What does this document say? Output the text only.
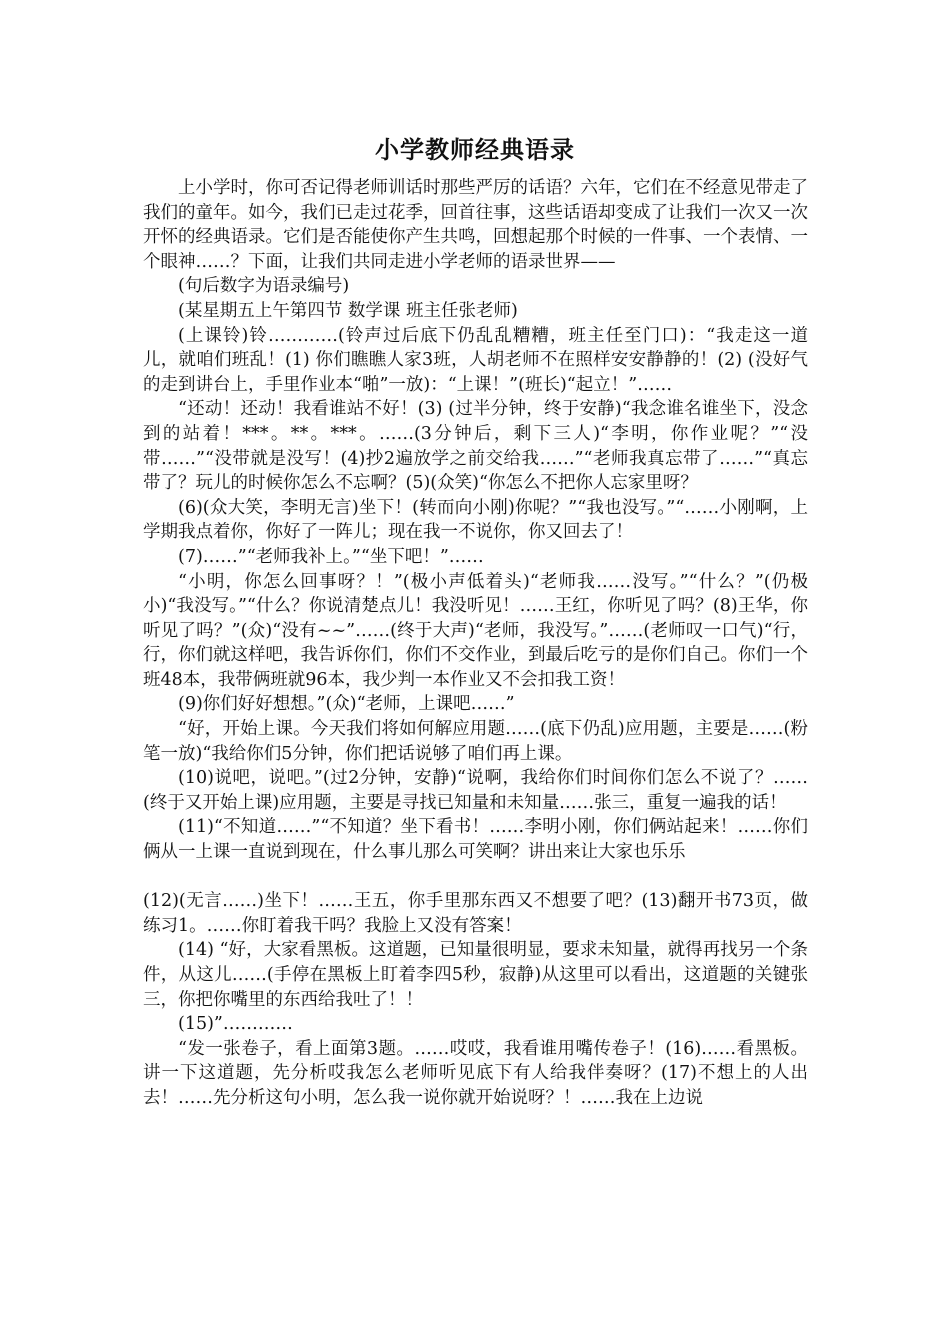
小学教师经典语录

上小学时，你可否记得老师训话时那些严厉的话语？六年，它们在不经意见带走了我们的童年。如今，我们已走过花季，回首往事，这些话语却变成了让我们一次又一次开怀的经典语录。它们是否能使你产生共鸣，回想起那个时候的一件事、一个表情、一个眼神……？下面，让我们共同走进小学老师的语录世界——

(句后数字为语录编号)

(某星期五上午第四节 数学课 班主任张老师)

(上课铃)铃…………(铃声过后底下仍乱乱糟糟，班主任至门口)：“我走这一道儿，就咱们班乱！(1) 你们瞧瞧人家3班，人胡老师不在照样安安静静的！(2) (没好气的走到讲台上，手里作业本“啪”一放)：“上课！”(班长)“起立！”……

“还动！还动！我看谁站不好！(3) (过半分钟，终于安静)“我念谁名谁坐下，没念到的站着！***。**。***。……(3分钟后，剩下三人)“李明，你作业呢？”“没带……”“没带就是没写！(4)抄2遍放学之前交给我……”“老师我真忘带了……”“真忘带了？玩儿的时候你怎么不忘啊？(5)(众笑)“你怎么不把你人忘家里呀？

(6)(众大笑，李明无言)坐下！(转而向小刚)你呢？”“我也没写。”“……小刚啊，上学期我点着你，你好了一阵儿；现在我一不说你，你又回去了！

(7)……”“老师我补上。”“坐下吧！”……

“小明，你怎么回事呀？！”(极小声低着头)“老师我……没写。”“什么？”(仍极小)“我没写。”“什么？你说清楚点儿！我没听见！……王红，你听见了吗？(8)王华，你听见了吗？”(众)“没有~~”……(终于大声)“老师，我没写。”……(老师叹一口气)“行，行，你们就这样吧，我告诉你们，你们不交作业，到最后吃亏的是你们自己。你们一个班48本，我带俩班就96本，我少判一本作业又不会扣我工资！

(9)你们好好想想。”(众)“老师，上课吧……”

“好，开始上课。今天我们将如何解应用题……(底下仍乱)应用题，主要是……(粉笔一放)“我给你们5分钟，你们把话说够了咱们再上课。

(10)说吧，说吧。”(过2分钟，安静)“说啊，我给你们时间你们怎么不说了？……(终于又开始上课)应用题，主要是寻找已知量和未知量……张三，重复一遍我的话！

(11)“不知道……”“不知道？坐下看书！……李明小刚，你们俩站起来！……你们俩从一上课一直说到现在，什么事儿那么可笑啊？讲出来让大家也乐乐

(12)(无言……)坐下！……王五，你手里那东西又不想要了吧？(13)翻开书73页，做练习1。……你盯着我干吗？我脸上又没有答案！

(14) “好，大家看黑板。这道题，已知量很明显，要求未知量，就得再找另一个条件，从这儿……(手停在黑板上盯着李四5秒，寂静)从这里可以看出，这道题的关键张三，你把你嘴里的东西给我吐了！！

(15)”…………

“发一张卷子，看上面第3题。……哎哎，我看谁用嘴传卷子！(16)……看黑板。讲一下这道题，先分析哎我怎么老师听见底下有人给我伴奏呀？(17)不想上的人出去！……先分析这句小明，怎么我一说你就开始说呀？！……我在上边说
